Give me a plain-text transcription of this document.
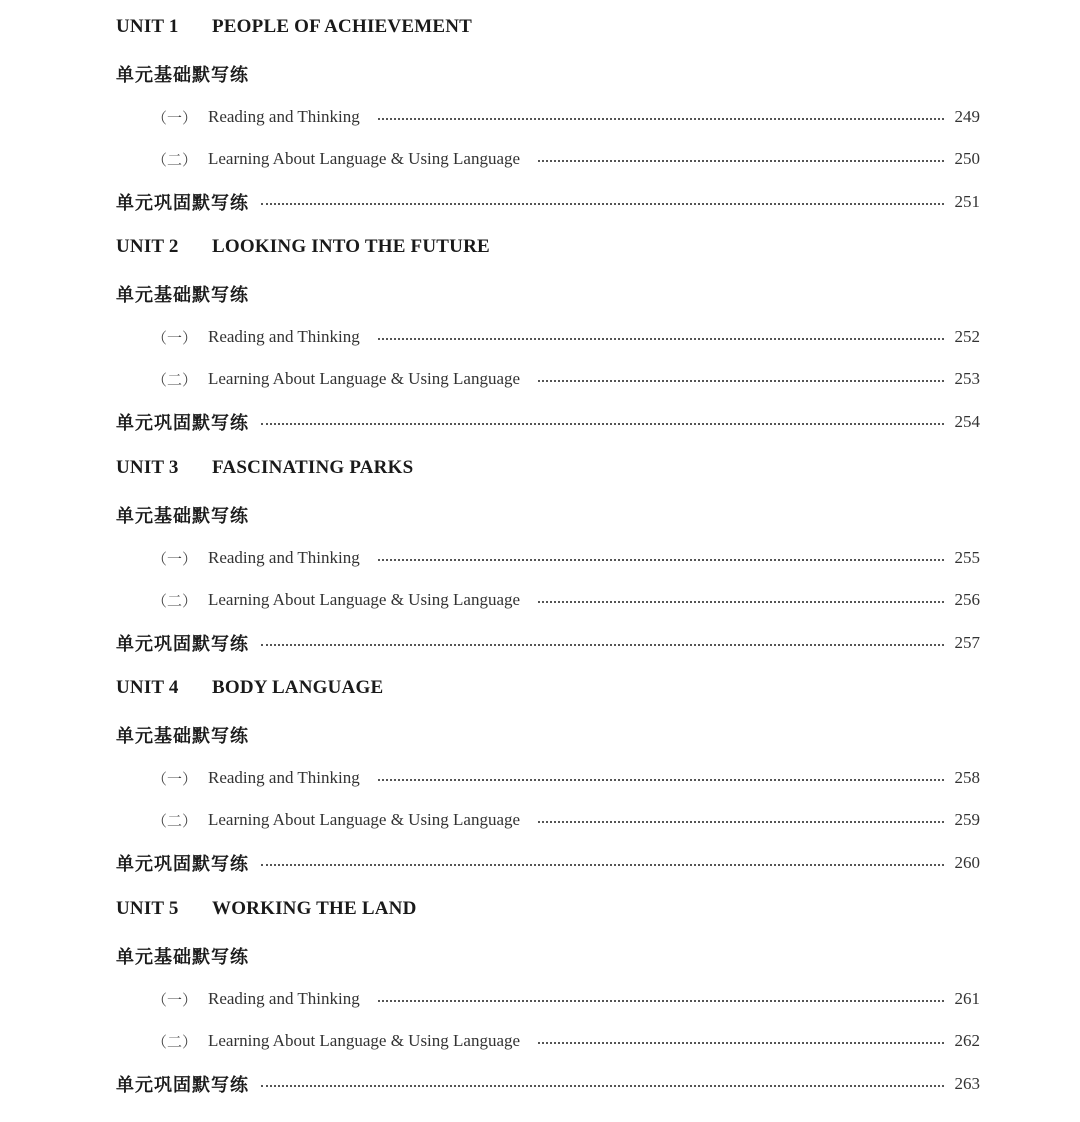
UNIT 1	PEOPLE OF ACHIEVEMENT
单元基础默写练
（一） Reading and Thinking	249
（二） Learning About Language & Using Language	250
单元巩固默写练	251
UNIT 2	LOOKING INTO THE FUTURE
单元基础默写练
（一） Reading and Thinking	252
（二） Learning About Language & Using Language	253
单元巩固默写练	254
UNIT 3	FASCINATING PARKS
单元基础默写练
（一） Reading and Thinking	255
（二） Learning About Language & Using Language	256
单元巩固默写练	257
UNIT 4	BODY LANGUAGE
单元基础默写练
（一） Reading and Thinking	258
（二） Learning About Language & Using Language	259
单元巩固默写练	260
UNIT 5	WORKING THE LAND
单元基础默写练
（一） Reading and Thinking	261
（二） Learning About Language & Using Language	262
单元巩固默写练	263
